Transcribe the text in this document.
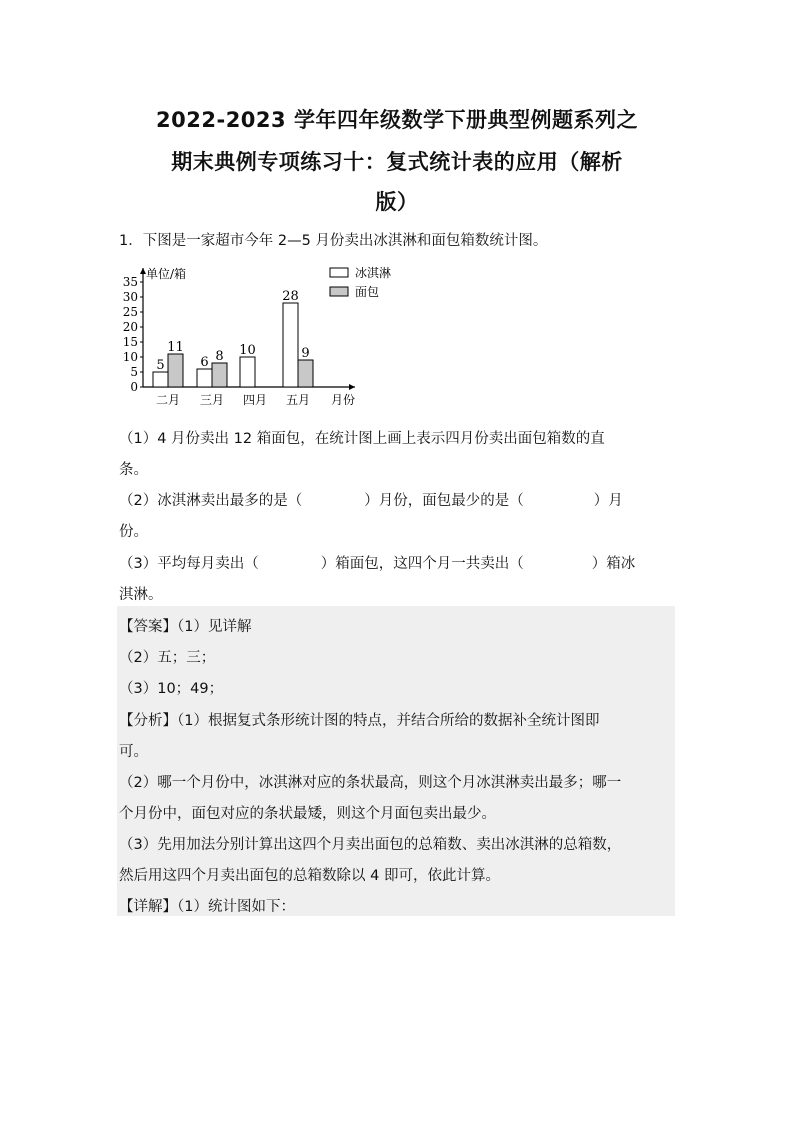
2022-2023 学年四年级数学下册典型例题系列之
期末典例专项练习十：复式统计表的应用（解析
版）
1．下图是一家超市今年 2—5 月份卖出冰淇淋和面包箱数统计图。
单位/箱
0
5
10
15
20
25
30
35
5
11
二月
6 8
三月
10
四月
28
9
五月 月份
冰淇淋
面包
（1）4 月份卖出 12 箱面包，在统计图上画上表示四月份卖出面包箱数的直
条。
（2）冰淇淋卖出最多的是（	）月份，面包最少的是（	）月
份。
（3）平均每月卖出（	）箱面包，这四个月一共卖出（	）箱冰
淇淋。
【答案】（1）见详解
（2）五；三；
（3）10；49；
【分析】（1）根据复式条形统计图的特点，并结合所给的数据补全统计图即
可。
（2）哪一个月份中，冰淇淋对应的条状最高，则这个月冰淇淋卖出最多；哪一
个月份中，面包对应的条状最矮，则这个月面包卖出最少。
（3）先用加法分别计算出这四个月卖出面包的总箱数、卖出冰淇淋的总箱数，
然后用这四个月卖出面包的总箱数除以 4 即可，依此计算。
【详解】（1）统计图如下：
